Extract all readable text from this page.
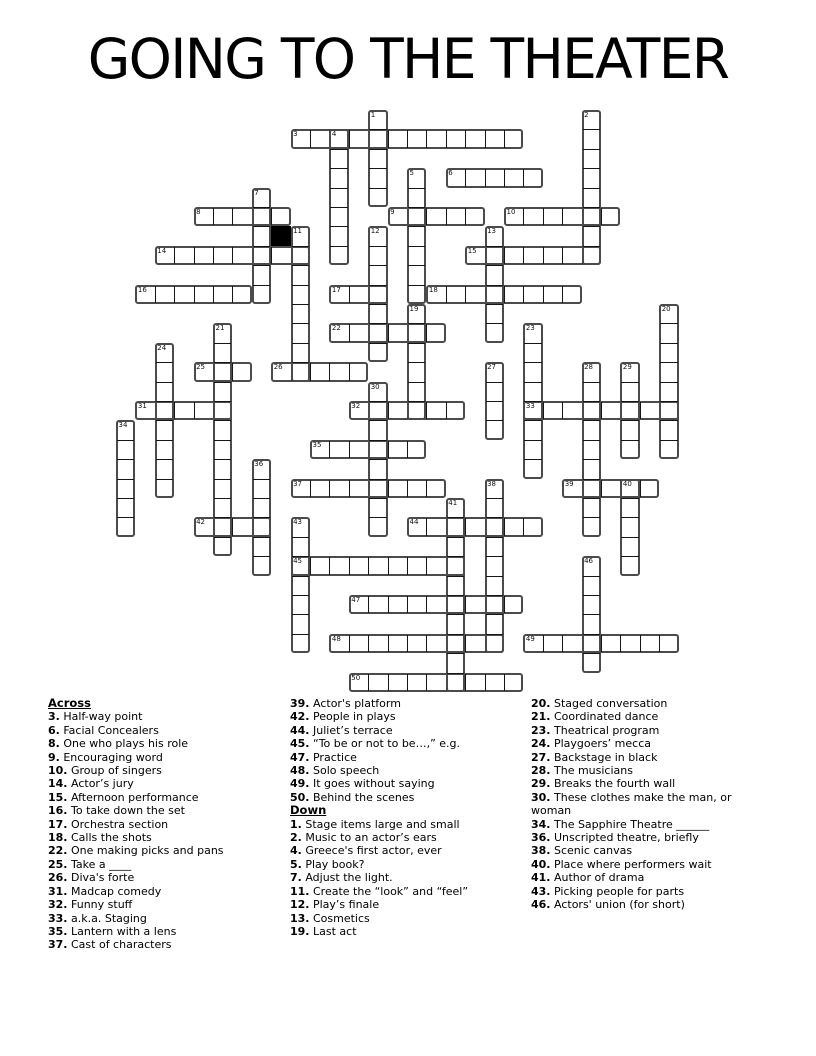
GOING TO THE THEATER
3
6
8	9	10
14	15
16	17	18
22
25	26
31	32	33
35
37	39
42	44
45
47
48	49
50
1	2
4
5
7
11	12	13
19	20
21	23
24
27	28	29
30
34
36
38	40
41
43
46
Across
3. Half-way point
6. Facial Concealers
8. One who plays his role
9. Encouraging word
10. Group of singers
14. Actor’s jury
15. Afternoon performance
16. To take down the set
17. Orchestra section
18. Calls the shots
22. One making picks and pans
25. Take a ____
26. Diva's forte
31. Madcap comedy
32. Funny stuff
33. a.k.a. Staging
35. Lantern with a lens
37. Cast of characters
39. Actor's platform
42. People in plays
44. Juliet’s terrace
45. “To be or not to be…,” e.g.
47. Practice
48. Solo speech
49. It goes without saying
50. Behind the scenes
Down
1. Stage items large and small
2. Music to an actor’s ears
4. Greece's first actor, ever
5. Play book?
7. Adjust the light.
11. Create the “look” and “feel”
12. Play’s finale
13. Cosmetics
19. Last act
20. Staged conversation
21. Coordinated dance
23. Theatrical program
24. Playgoers’ mecca
27. Backstage in black
28. The musicians
29. Breaks the fourth wall
30. These clothes make the man, or woman
34. The Sapphire Theatre ______
36. Unscripted theatre, briefly
38. Scenic canvas
40. Place where performers wait
41. Author of drama
43. Picking people for parts
46. Actors' union (for short)
